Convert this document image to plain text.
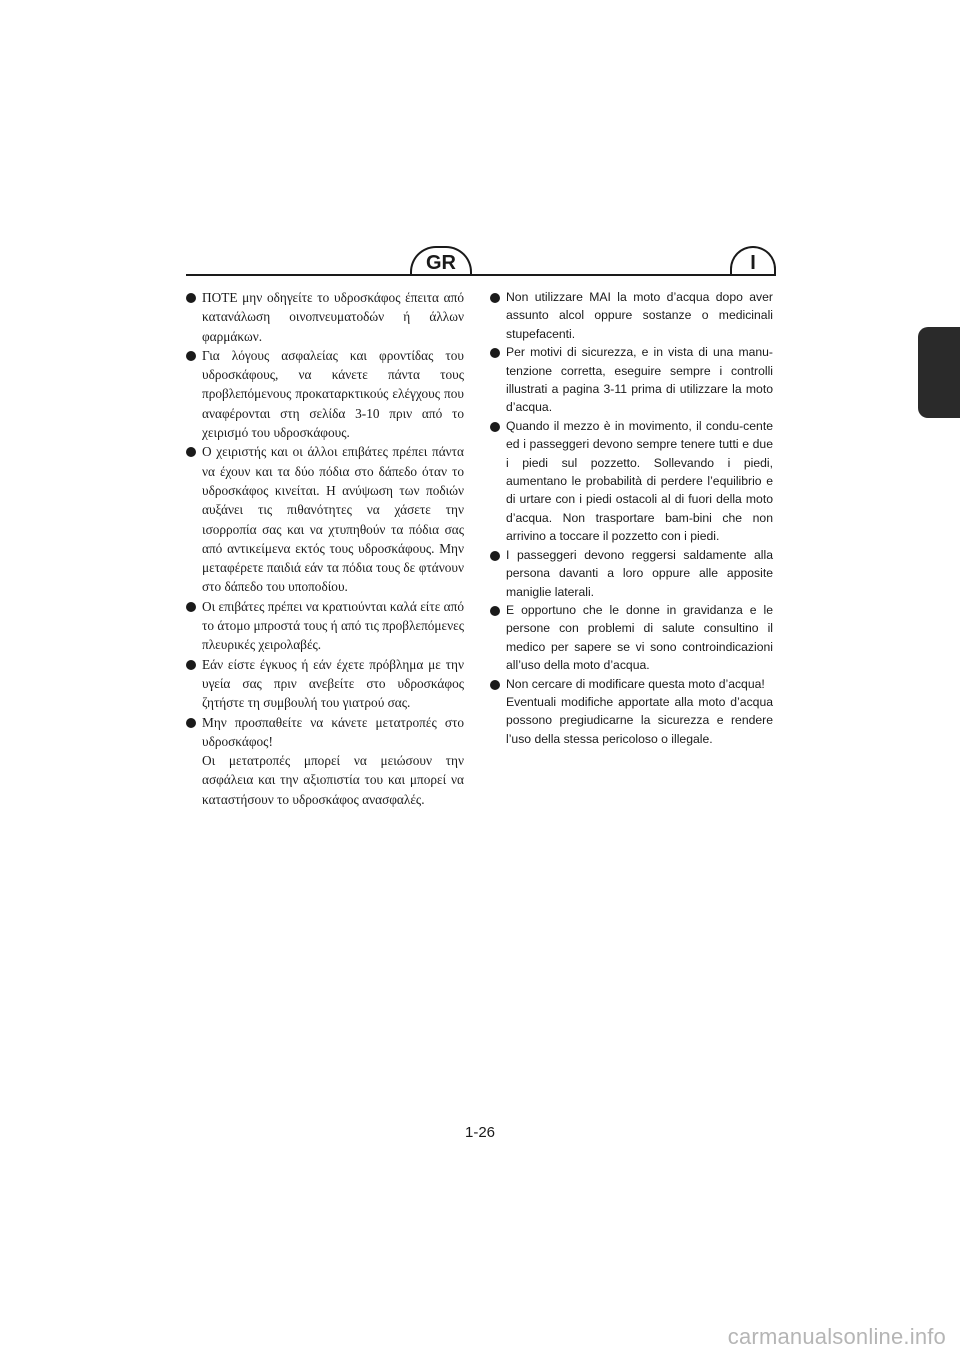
GR	I
ΠΟΤΕ μην οδηγείτε το υδροσκάφος έπειτα από κατανάλωση οινοπνευματοδών ή άλλων φαρμάκων.
Για λόγους ασφαλείας και φροντίδας του υδροσκάφους, να κάνετε πάντα τους προβλεπόμενους προκαταρκτικούς ελέγχους που αναφέρονται στη σελίδα 3-10 πριν από το χειρισμό του υδροσκάφους.
Ο χειριστής και οι άλλοι επιβάτες πρέπει πάντα να έχουν και τα δύο πόδια στο δάπεδο όταν το υδροσκάφος κινείται. Η ανύψωση των ποδιών αυξάνει τις πιθανότητες να χάσετε την ισορροπία σας και να χτυπηθούν τα πόδια σας από αντικείμενα εκτός τους υδροσκάφους. Μην μεταφέρετε παιδιά εάν τα πόδια τους δε φτάνουν στο δάπεδο του υποποδίου.
Οι επιβάτες πρέπει να κρατιούνται καλά είτε από το άτομο μπροστά τους ή από τις προβλεπόμενες πλευρικές χειρολαβές.
Εάν είστε έγκυος ή εάν έχετε πρόβλημα με την υγεία σας πριν ανεβείτε στο υδροσκάφος ζητήστε τη συμβουλή του γιατρού σας.
Μην προσπαθείτε να κάνετε μετατροπές στο υδροσκάφος!
Οι μετατροπές μπορεί να μειώσουν την ασφάλεια και την αξιοπιστία του και μπορεί να καταστήσουν το υδροσκάφος ανασφαλές.
Non utilizzare MAI la moto d’acqua dopo aver assunto alcol oppure sostanze o medicinali stupefacenti.
Per motivi di sicurezza, e in vista di una manu-tenzione corretta, eseguire sempre i controlli illustrati a pagina 3-11 prima di utilizzare la moto d’acqua.
Quando il mezzo è in movimento, il condu-cente ed i passeggeri devono sempre tenere tutti e due i piedi sul pozzetto. Sollevando i piedi, aumentano le probabilità di perdere l’equilibrio e di urtare con i piedi ostacoli al di fuori della moto d’acqua. Non trasportare bam-bini che non arrivino a toccare il pozzetto con i piedi.
I passeggeri devono reggersi saldamente alla persona davanti a loro oppure alle apposite maniglie laterali.
E opportuno che le donne in gravidanza e le persone con problemi di salute consultino il medico per sapere se vi sono controindicazioni all’uso della moto d’acqua.
Non cercare di modificare questa moto d’acqua!
Eventuali modifiche apportate alla moto d’acqua possono pregiudicarne la sicurezza e rendere l’uso della stessa pericoloso o illegale.
1-26
carmanualsonline.info
